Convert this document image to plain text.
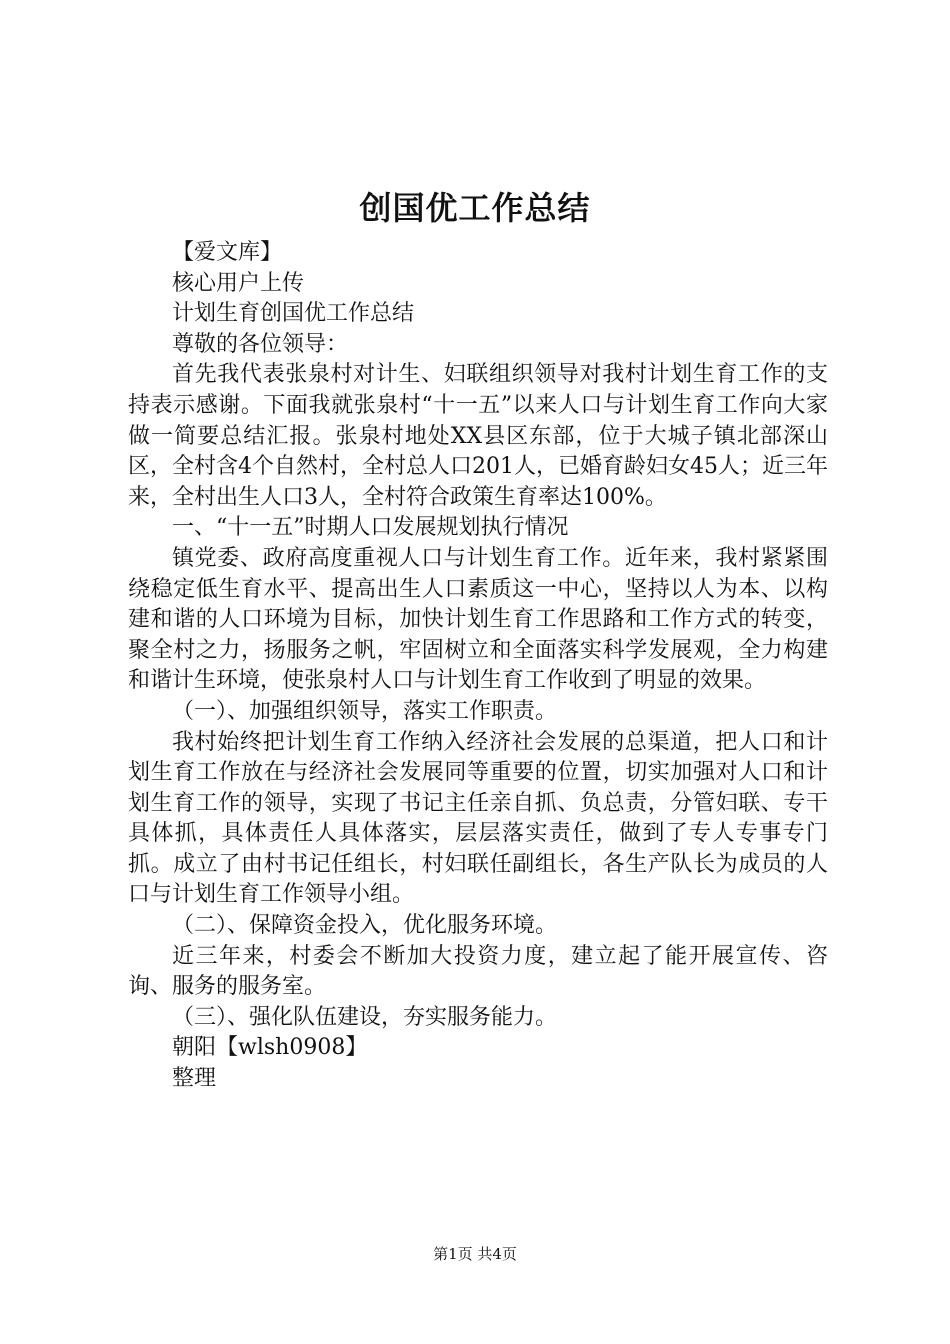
创国优工作总结

【爱文库】

核心用户上传

计划生育创国优工作总结

尊敬的各位领导：

首先我代表张泉村对计生、妇联组织领导对我村计划生育工作的支持表示感谢。下面我就张泉村“十一五”以来人口与计划生育工作向大家做一简要总结汇报。张泉村地处XX县区东部，位于大城子镇北部深山区，全村含4个自然村，全村总人口201人，已婚育龄妇女45人；近三年来，全村出生人口3人，全村符合政策生育率达100%。

一、“十一五”时期人口发展规划执行情况

镇党委、政府高度重视人口与计划生育工作。近年来，我村紧紧围绕稳定低生育水平、提高出生人口素质这一中心，坚持以人为本、以构建和谐的人口环境为目标，加快计划生育工作思路和工作方式的转变，聚全村之力，扬服务之帆，牢固树立和全面落实科学发展观，全力构建和谐计生环境，使张泉村人口与计划生育工作收到了明显的效果。

（一）、加强组织领导，落实工作职责。

我村始终把计划生育工作纳入经济社会发展的总渠道，把人口和计划生育工作放在与经济社会发展同等重要的位置，切实加强对人口和计划生育工作的领导，实现了书记主任亲自抓、负总责，分管妇联、专干具体抓，具体责任人具体落实，层层落实责任，做到了专人专事专门抓。成立了由村书记任组长，村妇联任副组长，各生产队长为成员的人口与计划生育工作领导小组。

（二）、保障资金投入，优化服务环境。

近三年来，村委会不断加大投资力度，建立起了能开展宣传、咨询、服务的服务室。

（三）、强化队伍建设，夯实服务能力。

朝阳【wlsh0908】

整理

第1页 共4页
